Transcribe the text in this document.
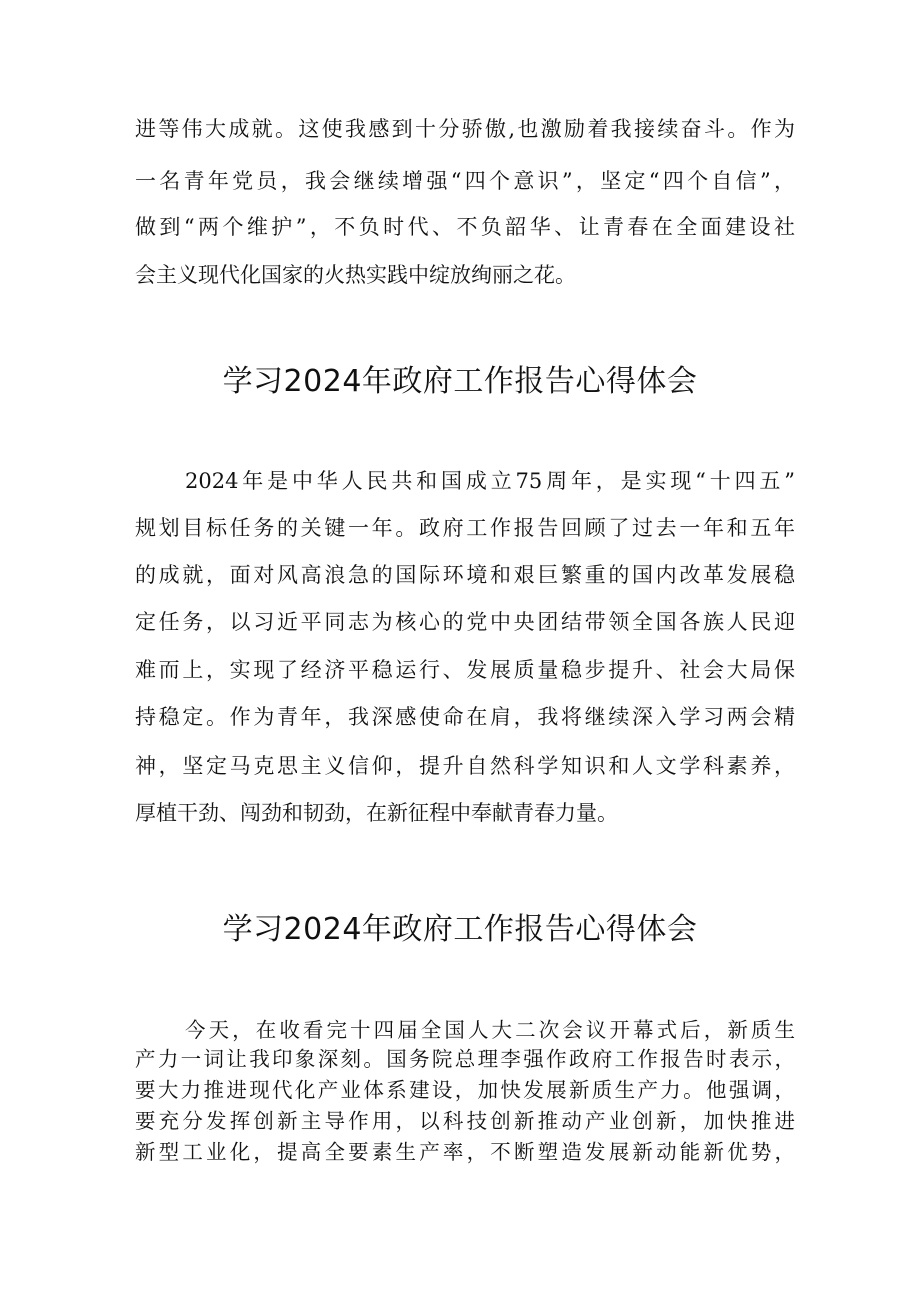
进等伟大成就。这使我感到十分骄傲,也激励着我接续奋斗。作为

一名青年党员，我会继续增强“四个意识”，坚定“四个自信”，

做到“两个维护”，不负时代、不负韶华、让青春在全面建设社

会主义现代化国家的火热实践中绽放绚丽之花。

学习2024年政府工作报告心得体会

2024年是中华人民共和国成立75周年，是实现“十四五”

规划目标任务的关键一年。政府工作报告回顾了过去一年和五年

的成就，面对风高浪急的国际环境和艰巨繁重的国内改革发展稳

定任务，以习近平同志为核心的党中央团结带领全国各族人民迎

难而上，实现了经济平稳运行、发展质量稳步提升、社会大局保

持稳定。作为青年，我深感使命在肩，我将继续深入学习两会精

神，坚定马克思主义信仰，提升自然科学知识和人文学科素养，

厚植干劲、闯劲和韧劲，在新征程中奉献青春力量。

学习2024年政府工作报告心得体会

今天，在收看完十四届全国人大二次会议开幕式后，新质生

产力一词让我印象深刻。国务院总理李强作政府工作报告时表示，

要大力推进现代化产业体系建设，加快发展新质生产力。他强调，

要充分发挥创新主导作用，以科技创新推动产业创新，加快推进

新型工业化，提高全要素生产率，不断塑造发展新动能新优势，
